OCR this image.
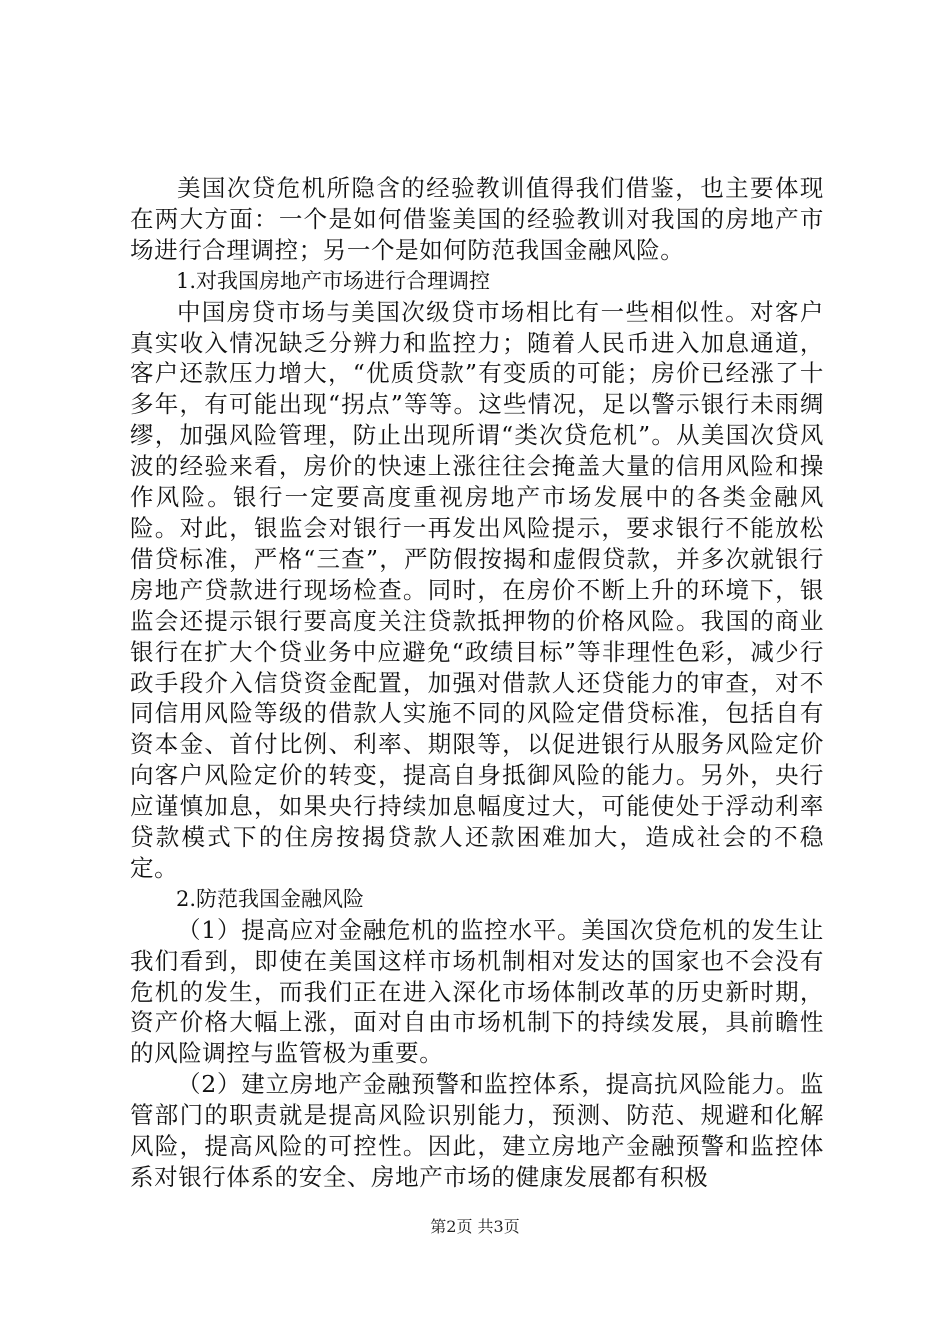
美国次贷危机所隐含的经验教训值得我们借鉴，也主要体现在两大方面：一个是如何借鉴美国的经验教训对我国的房地产市场进行合理调控；另一个是如何防范我国金融风险。

1.对我国房地产市场进行合理调控

中国房贷市场与美国次级贷市场相比有一些相似性。对客户真实收入情况缺乏分辨力和监控力；随着人民币进入加息通道，客户还款压力增大，“优质贷款”有变质的可能；房价已经涨了十多年，有可能出现“拐点”等等。这些情况，足以警示银行未雨绸缪，加强风险管理，防止出现所谓“类次贷危机”。从美国次贷风波的经验来看，房价的快速上涨往往会掩盖大量的信用风险和操作风险。银行一定要高度重视房地产市场发展中的各类金融风险。对此，银监会对银行一再发出风险提示，要求银行不能放松借贷标准，严格“三查”，严防假按揭和虚假贷款，并多次就银行房地产贷款进行现场检查。同时，在房价不断上升的环境下，银监会还提示银行要高度关注贷款抵押物的价格风险。我国的商业银行在扩大个贷业务中应避免“政绩目标”等非理性色彩，减少行政手段介入信贷资金配置，加强对借款人还贷能力的审查，对不同信用风险等级的借款人实施不同的风险定借贷标准，包括自有资本金、首付比例、利率、期限等，以促进银行从服务风险定价向客户风险定价的转变，提高自身抵御风险的能力。另外，央行应谨慎加息，如果央行持续加息幅度过大，可能使处于浮动利率贷款模式下的住房按揭贷款人还款困难加大，造成社会的不稳定。

2.防范我国金融风险

（1）提高应对金融危机的监控水平。美国次贷危机的发生让我们看到，即使在美国这样市场机制相对发达的国家也不会没有危机的发生，而我们正在进入深化市场体制改革的历史新时期，资产价格大幅上涨，面对自由市场机制下的持续发展，具前瞻性的风险调控与监管极为重要。

（2）建立房地产金融预警和监控体系，提高抗风险能力。监管部门的职责就是提高风险识别能力，预测、防范、规避和化解风险，提高风险的可控性。因此，建立房地产金融预警和监控体系对银行体系的安全、房地产市场的健康发展都有积极

第2页 共3页
